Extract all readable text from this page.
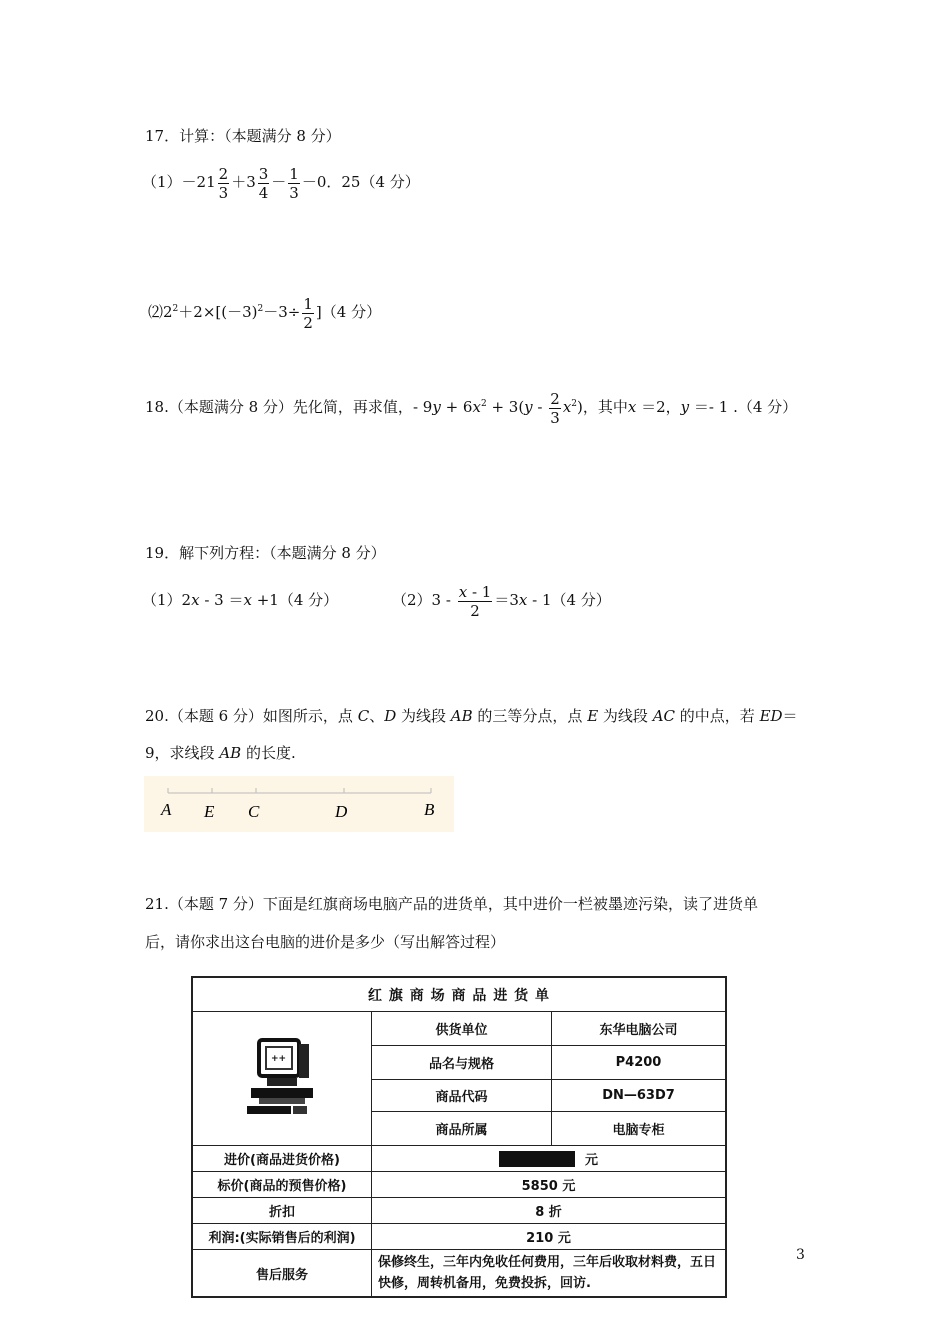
17．计算：（本题满分 8 分）
$(1)-21 \frac{2}{3} +3 \frac{3}{4} - \frac{1}{3} -0$．25（4 分）
$⑵2^2+2\times[(-3)^2-3\div \frac{1}{2} ](4$ 分）
18.（本题满分 8 分）先化简，再求值，- $9y + 6x^2 + 3(y - \frac{2}{3} x^2)$，其中x ＝2，y ＝- 1 .（4 分）
19．解下列方程：（本题满分 8 分）
（1）2x - 3 ＝x +1（4 分）	$(2)3 - \frac{x - 1}{2} =3x - 1(4$ 分）
20.（本题 6 分）如图所示，点 C、D 为线段 AB 的三等分点，点 E 为线段 AC 的中点，若 ED＝
9，求线段 AB 的长度.
A E C	D	B
21.（本题 7 分）下面是红旗商场电脑产品的进货单，其中进价一栏被墨迹污染，读了进货单
后，请你求出这台电脑的进价是多少（写出解答过程）
红 旗 商 场 商 品 进 货 单
++
供货单位	东华电脑公司
品名与规格	P4200
商品代码	DN—63D7
商品所属	电脑专柜
进价(商品进货价格)	元
标价(商品的预售价格)	5850 元
折扣	8 折
利润:(实际销售后的利润)	210 元
售后服务
保修终生，三年内免收任何费用，三年后收取材料费，五日
快修，周转机备用，免费投拆，回访.
3
